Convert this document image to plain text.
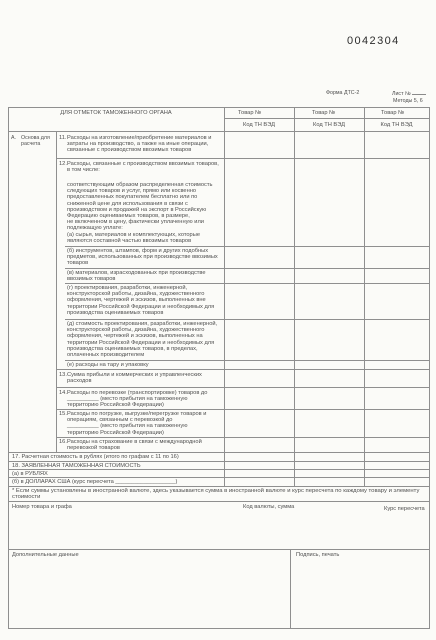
0042304
Форма ДТС-2	Лист №
Методы 5, 6
ДЛЯ ОТМЕТОК ТАМОЖЕННОГО ОРГАНА	Товар №	Товар №	Товар №
Код ТН ВЭД	Код ТН ВЭД	Код ТН ВЭД
А. Основа для
расчета
11. Расходы на изготовление/приобретение материалов и
затраты на производство, а также на иные операции,
связанные с производством ввозимых товаров
12. Расходы, связанные с производством ввозимых товаров,
в том числе:
соответствующим образом распределенная стоимость
следующих товаров и услуг, прямо или косвенно
предоставленных покупателем бесплатно или по
сниженной цене для использования в связи с
производством и продажей на экспорт в Российскую
Федерацию оцениваемых товаров, в размере,
не включенном в цену, фактически уплаченную или
подлежащую уплате:
(а) сырья, материалов и комплектующих, которые
являются составной частью ввозимых товаров
(б) инструментов, штампов, форм и других подобных
предметов, использованных при производстве ввозимых
товаров
(в) материалов, израсходованных при производстве
ввозимых товаров
(г) проектирования, разработки, инженерной,
конструкторской работы, дизайна, художественного
оформления, чертежей и эскизов, выполненных вне
территории Российской Федерации и необходимых для
производства оцениваемых товаров
(д) стоимость проектирования, разработки, инженерной,
конструкторской работы, дизайна, художественного
оформления, чертежей и эскизов, выполненных на
территории Российской Федерации и необходимых для
производства оцениваемых товаров, в пределах,
оплаченных производителем
(е) расходы на тару и упаковку
13. Сумма прибыли и коммерческих и управленческих
расходов
14. Расходы по перевозке (транспортировке) товаров до
__________ (место прибытия на таможенную
территорию Российской Федерации)
15. Расходы по погрузке, выгрузке/перегрузке товаров и
операциям, связанным с перевозкой до
__________ (место прибытия на таможенную
территорию Российской Федерации)
16. Расходы на страхование в связи с международной
перевозкой товаров
17. Расчетная стоимость в рублях (итого по графам с 11 по 16)
18. ЗАЯВЛЕННАЯ ТАМОЖЕННАЯ СТОИМОСТЬ
(а) в РУБЛЯХ
(б) в ДОЛЛАРАХ США (курс пересчета ___________________)
* Если суммы установлены в иностранной валюте, здесь указывается сумма в иностранной валюте и курс пересчета по каждому товару и элементу
стоимости
Номер товара и графа	Код валюты, сумма	Курс пересчета
Дополнительные данные	Подпись, печать
